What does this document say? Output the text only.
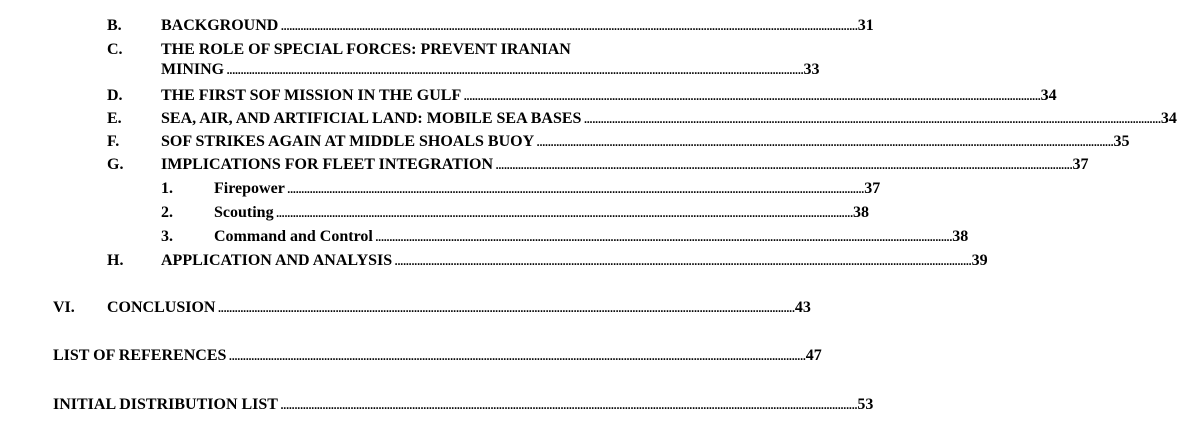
B.	BACKGROUND . . .	31
C.	THE ROLE OF SPECIAL FORCES: PREVENT IRANIAN
MINING . . .	33
D.	THE FIRST SOF MISSION IN THE GULF . . .	34
E.	SEA, AIR, AND ARTIFICIAL LAND: MOBILE SEA BASES . . .	34
F.	SOF STRIKES AGAIN AT MIDDLE SHOALS BUOY . . .	35
G.	IMPLICATIONS FOR FLEET INTEGRATION . . .	37
1.	Firepower . . .	37
2.	Scouting . . .	38
3.	Command and Control . . .	38
H.	APPLICATION AND ANALYSIS . . .	39
VI.	CONCLUSION . . .	43
LIST OF REFERENCES . . .	47
INITIAL DISTRIBUTION LIST . . .	53
